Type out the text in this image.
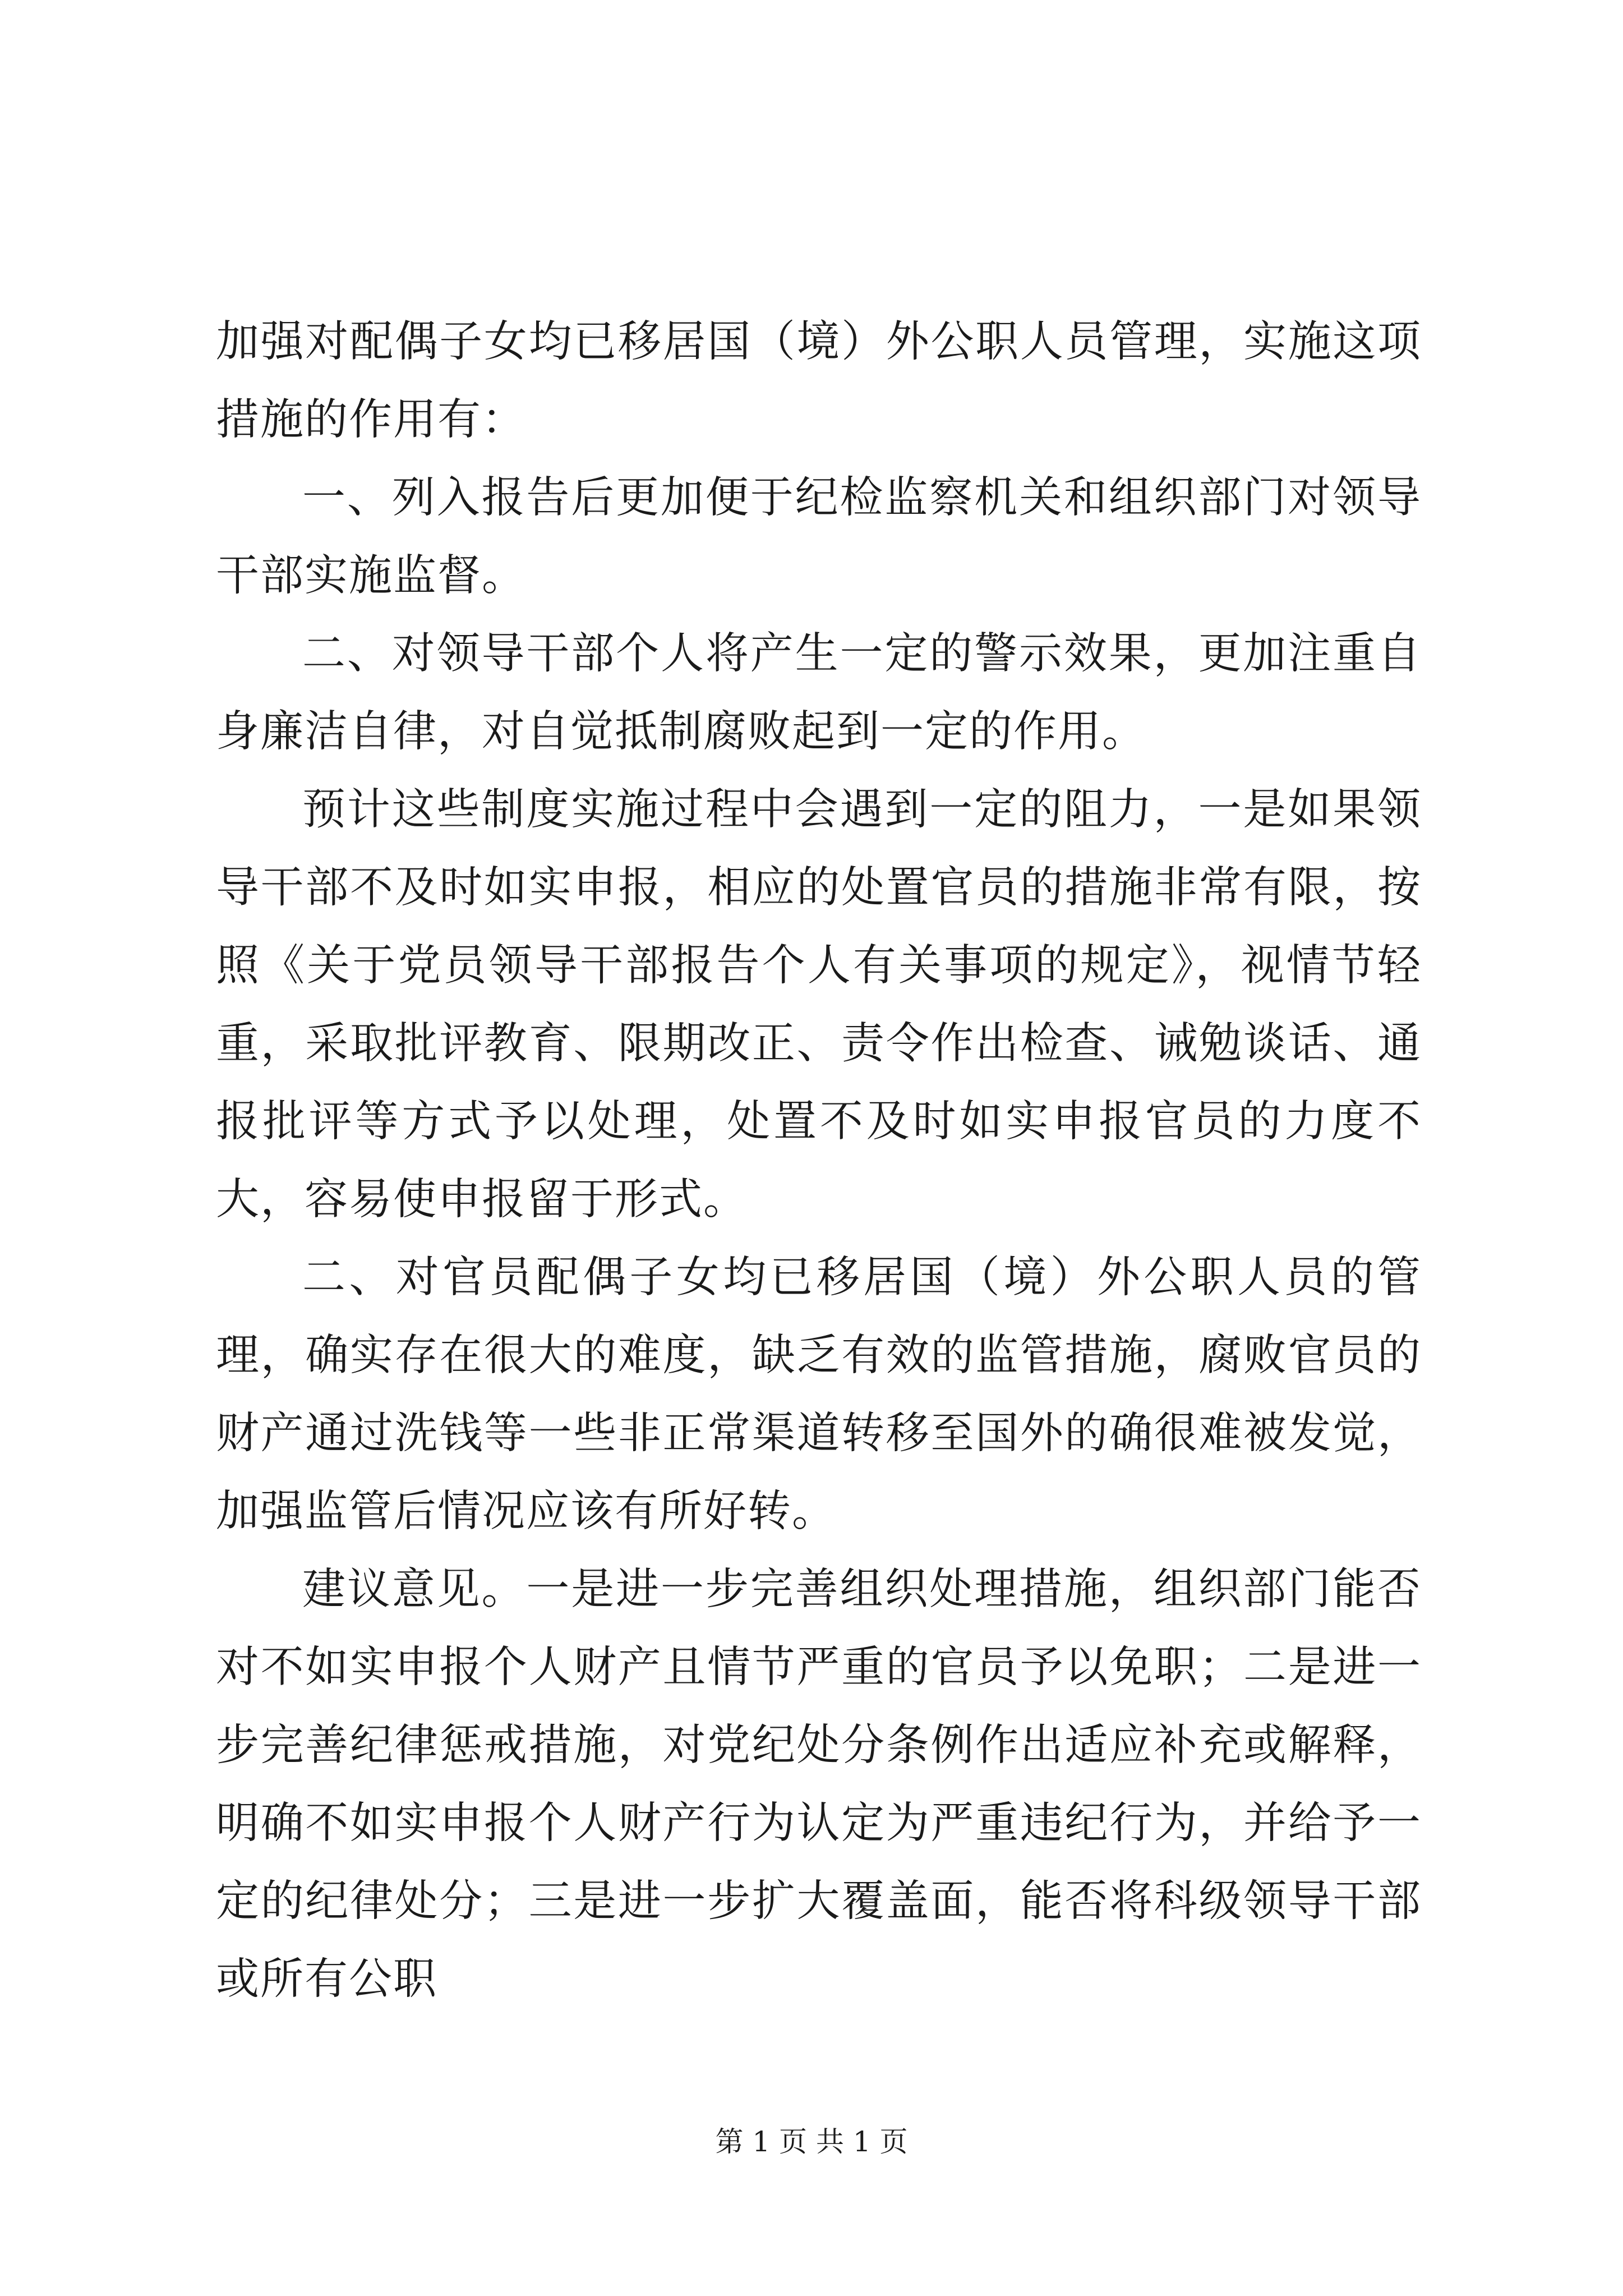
加强对配偶子女均已移居国（境）外公职人员管理，实施这项措施的作用有：

一、列入报告后更加便于纪检监察机关和组织部门对领导干部实施监督。

二、对领导干部个人将产生一定的警示效果，更加注重自身廉洁自律，对自觉抵制腐败起到一定的作用。

预计这些制度实施过程中会遇到一定的阻力，一是如果领导干部不及时如实申报，相应的处置官员的措施非常有限，按照《关于党员领导干部报告个人有关事项的规定》，视情节轻重，采取批评教育、限期改正、责令作出检查、诫勉谈话、通报批评等方式予以处理，处置不及时如实申报官员的力度不大，容易使申报留于形式。

二、对官员配偶子女均已移居国（境）外公职人员的管理，确实存在很大的难度，缺乏有效的监管措施，腐败官员的财产通过洗钱等一些非正常渠道转移至国外的确很难被发觉，加强监管后情况应该有所好转。

建议意见。一是进一步完善组织处理措施，组织部门能否对不如实申报个人财产且情节严重的官员予以免职；二是进一步完善纪律惩戒措施，对党纪处分条例作出适应补充或解释，明确不如实申报个人财产行为认定为严重违纪行为，并给予一定的纪律处分；三是进一步扩大覆盖面，能否将科级领导干部或所有公职

第 1 页 共 1 页
